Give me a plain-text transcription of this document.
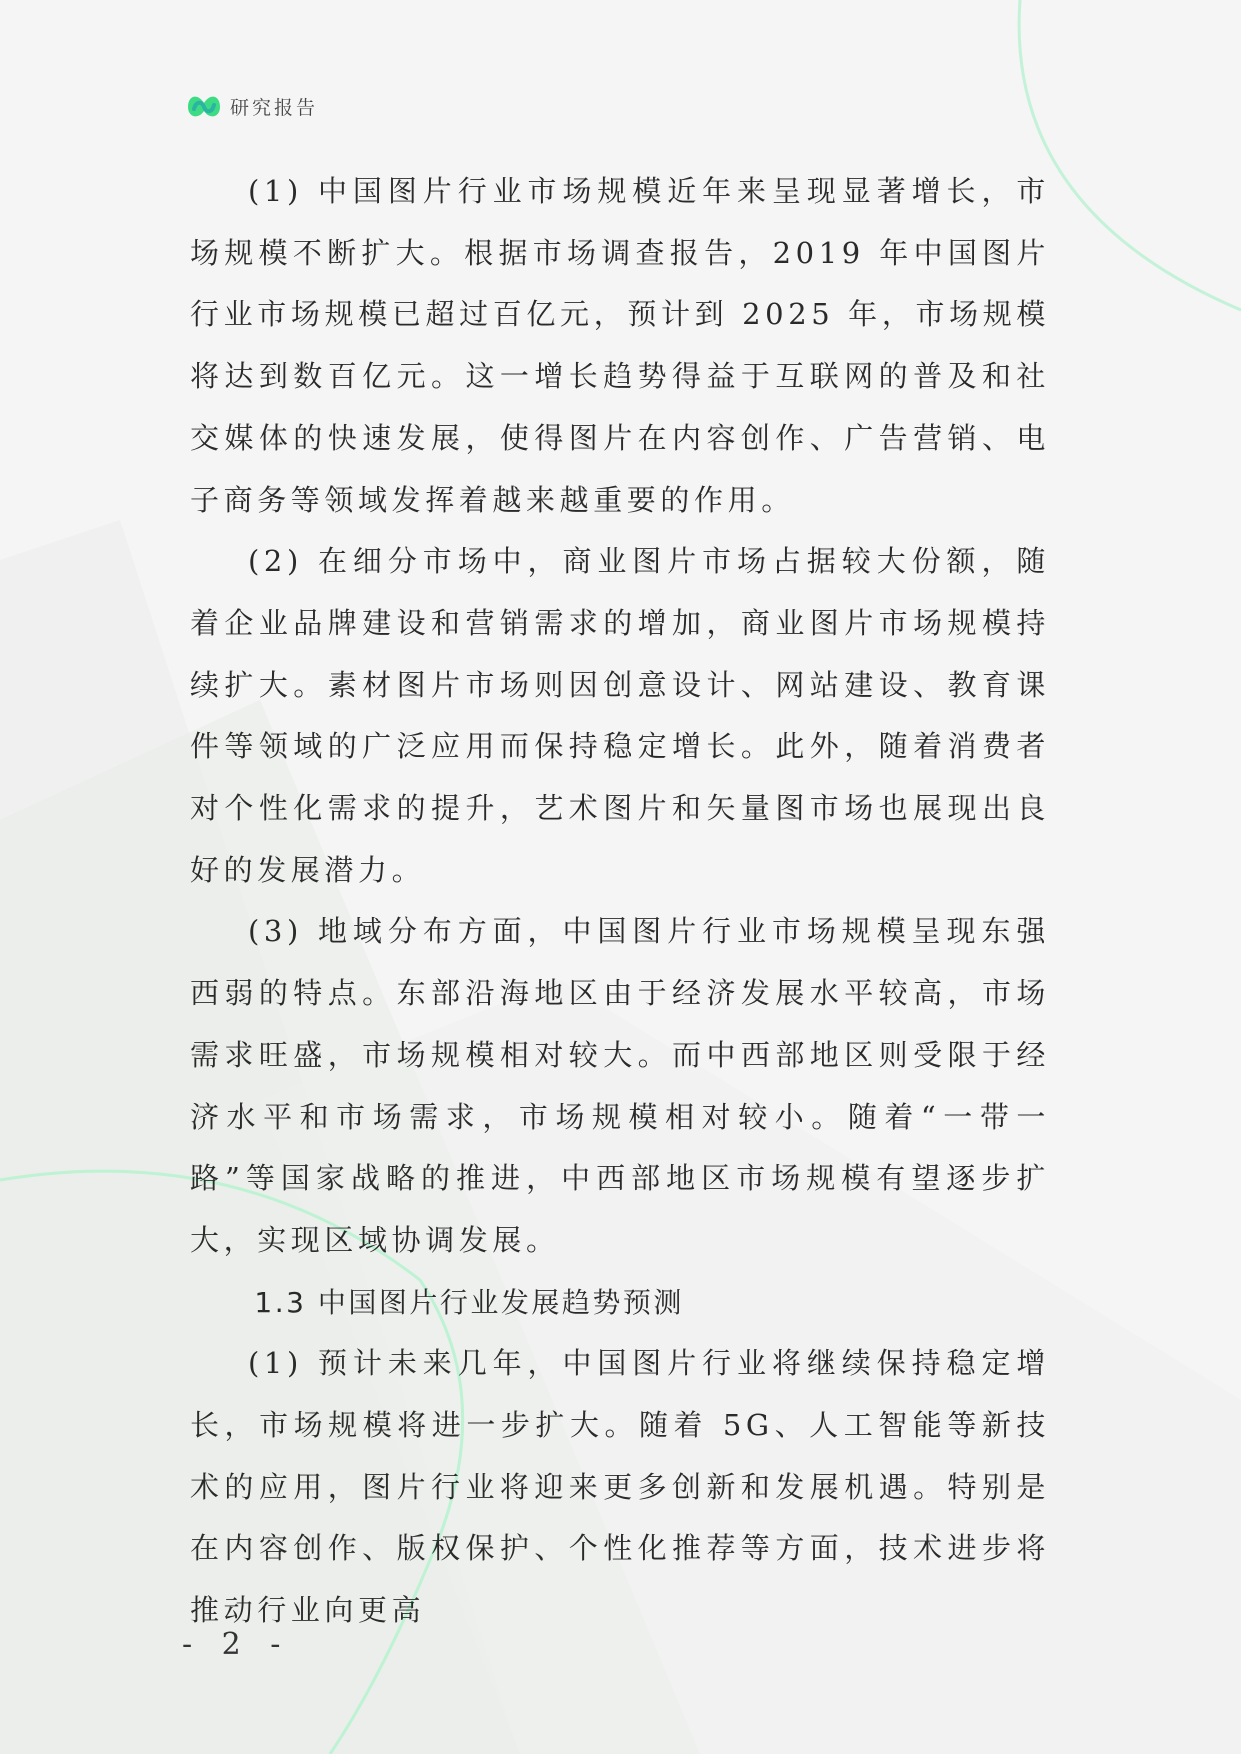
研究报告

(1) 中国图片行业市场规模近年来呈现显著增长，市场规模不断扩大。根据市场调查报告，2019 年中国图片行业市场规模已超过百亿元，预计到 2025 年，市场规模将达到数百亿元。这一增长趋势得益于互联网的普及和社交媒体的快速发展，使得图片在内容创作、广告营销、电子商务等领域发挥着越来越重要的作用。

(2) 在细分市场中，商业图片市场占据较大份额，随着企业品牌建设和营销需求的增加，商业图片市场规模持续扩大。素材图片市场则因创意设计、网站建设、教育课件等领域的广泛应用而保持稳定增长。此外，随着消费者对个性化需求的提升，艺术图片和矢量图市场也展现出良好的发展潜力。

(3) 地域分布方面，中国图片行业市场规模呈现东强西弱的特点。东部沿海地区由于经济发展水平较高，市场需求旺盛，市场规模相对较大。而中西部地区则受限于经济水平和市场需求，市场规模相对较小。随着“一带一路”等国家战略的推进，中西部地区市场规模有望逐步扩大，实现区域协调发展。

1.3 中国图片行业发展趋势预测

(1) 预计未来几年，中国图片行业将继续保持稳定增长，市场规模将进一步扩大。随着 5G、人工智能等新技术的应用，图片行业将迎来更多创新和发展机遇。特别是在内容创作、版权保护、个性化推荐等方面，技术进步将推动行业向更高

- 2 -
